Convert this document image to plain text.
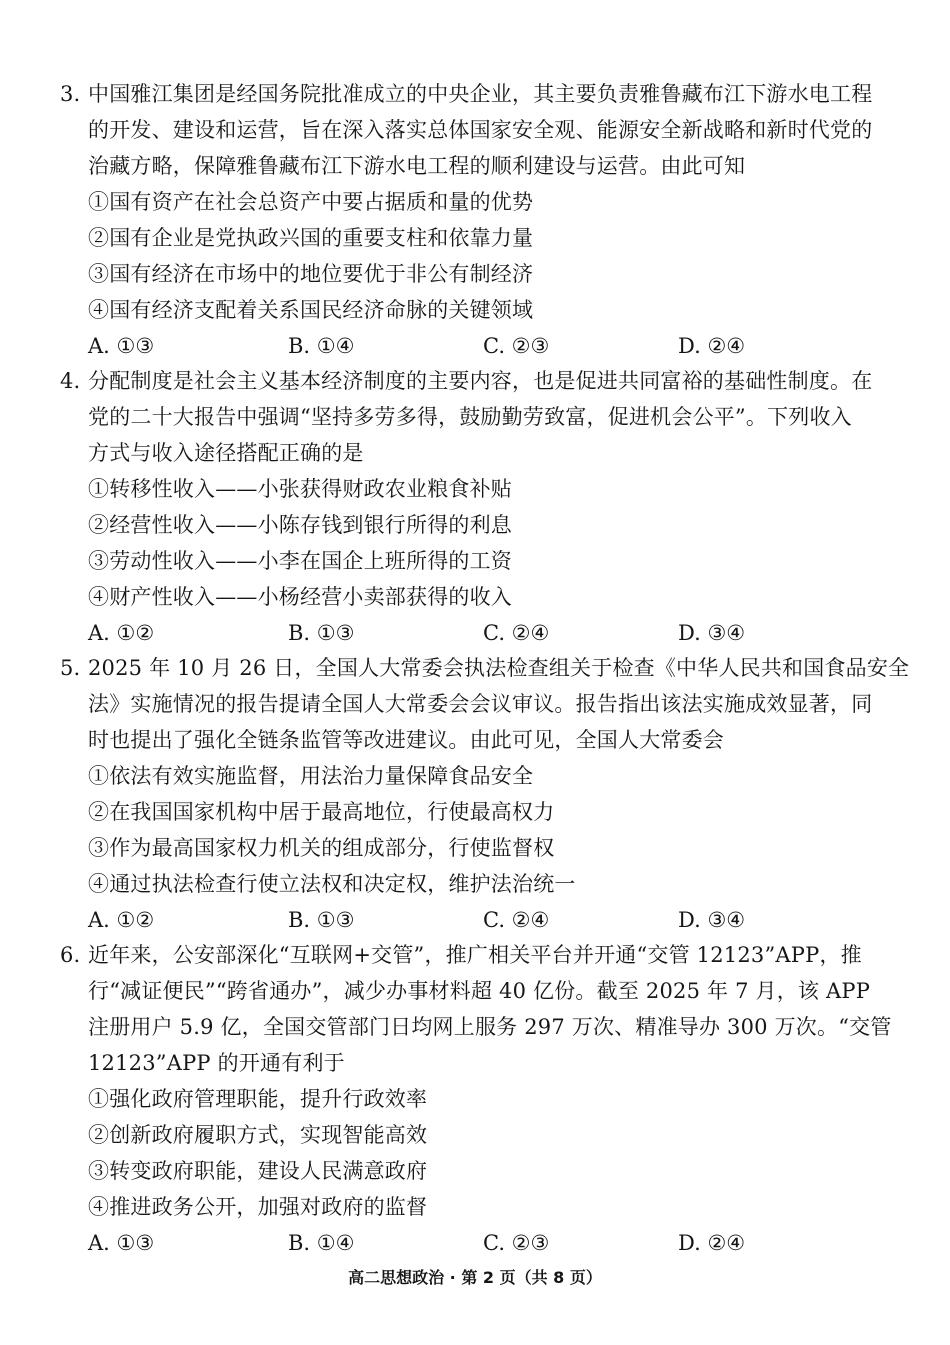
3. 中国雅江集团是经国务院批准成立的中央企业，其主要负责雅鲁藏布江下游水电工程
的开发、建设和运营，旨在深入落实总体国家安全观、能源安全新战略和新时代党的
治藏方略，保障雅鲁藏布江下游水电工程的顺利建设与运营。由此可知
①国有资产在社会总资产中要占据质和量的优势
②国有企业是党执政兴国的重要支柱和依靠力量
③国有经济在市场中的地位要优于非公有制经济
④国有经济支配着关系国民经济命脉的关键领域
A. ①③	B. ①④	C. ②③	D. ②④
4. 分配制度是社会主义基本经济制度的主要内容，也是促进共同富裕的基础性制度。在
党的二十大报告中强调“坚持多劳多得，鼓励勤劳致富，促进机会公平”。下列收入
方式与收入途径搭配正确的是
①转移性收入——小张获得财政农业粮食补贴
②经营性收入——小陈存钱到银行所得的利息
③劳动性收入——小李在国企上班所得的工资
④财产性收入——小杨经营小卖部获得的收入
A. ①②	B. ①③	C. ②④	D. ③④
5. 2025 年 10 月 26 日，全国人大常委会执法检查组关于检查《中华人民共和国食品安全
法》实施情况的报告提请全国人大常委会会议审议。报告指出该法实施成效显著，同
时也提出了强化全链条监管等改进建议。由此可见，全国人大常委会
①依法有效实施监督，用法治力量保障食品安全
②在我国国家机构中居于最高地位，行使最高权力
③作为最高国家权力机关的组成部分，行使监督权
④通过执法检查行使立法权和决定权，维护法治统一
A. ①②	B. ①③	C. ②④	D. ③④
6. 近年来，公安部深化“互联网+交管”，推广相关平台并开通“交管 12123”APP，推
行“减证便民”“跨省通办”，减少办事材料超 40 亿份。截至 2025 年 7 月，该 APP
注册用户 5.9 亿，全国交管部门日均网上服务 297 万次、精准导办 300 万次。“交管
12123”APP 的开通有利于
①强化政府管理职能，提升行政效率
②创新政府履职方式，实现智能高效
③转变政府职能，建设人民满意政府
④推进政务公开，加强对政府的监督
A. ①③	B. ①④	C. ②③	D. ②④
高二思想政治 · 第 2 页（共 8 页）
